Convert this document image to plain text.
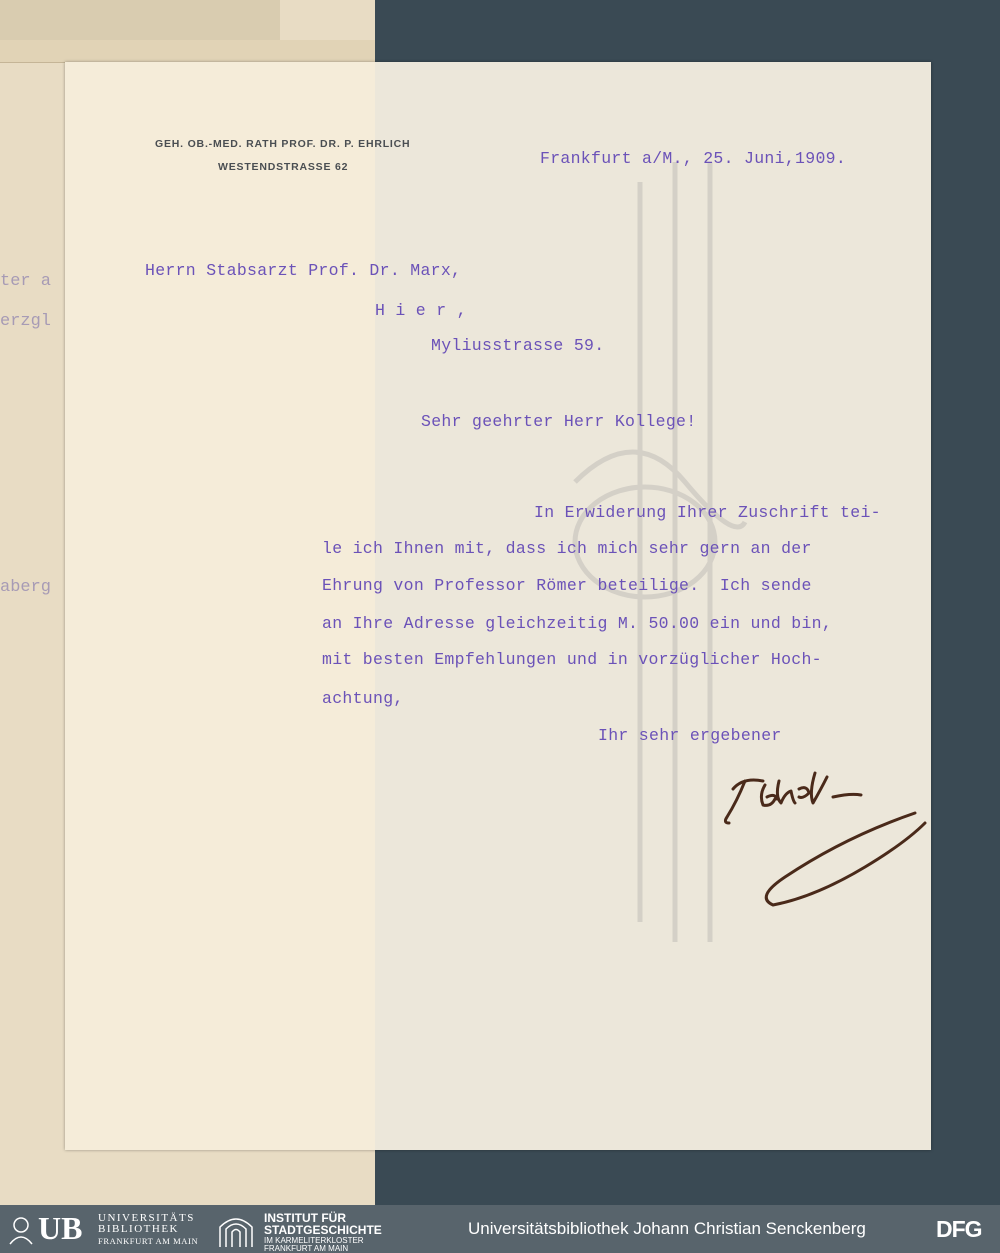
ter a
erzgl
aberg
GEH. OB.-MED. RATH PROF. DR. P. EHRLICH
WESTENDSTRASSE 62	Frankfurt a/M., 25. Juni,1909.
Herrn Stabsarzt Prof. Dr. Marx,
H i e r ,
Myliusstrasse 59.
Sehr geehrter Herr Kollege!
In Erwiderung Ihrer Zuschrift tei-
le ich Ihnen mit, dass ich mich sehr gern an der
Ehrung von Professor Römer beteilige.  Ich sende
an Ihre Adresse gleichzeitig M. 50.00 ein und bin,
mit besten Empfehlungen und in vorzüglicher Hoch-
achtung,
Ihr sehr ergebener
UB UNIVERSITÄTS
BIBLIOTHEK
FRANKFURT AM MAIN
INSTITUT FÜR
STADTGESCHICHTE
IM KARMELITERKLOSTER
FRANKFURT AM MAIN
Universitätsbibliothek Johann Christian Senckenberg	DFG
